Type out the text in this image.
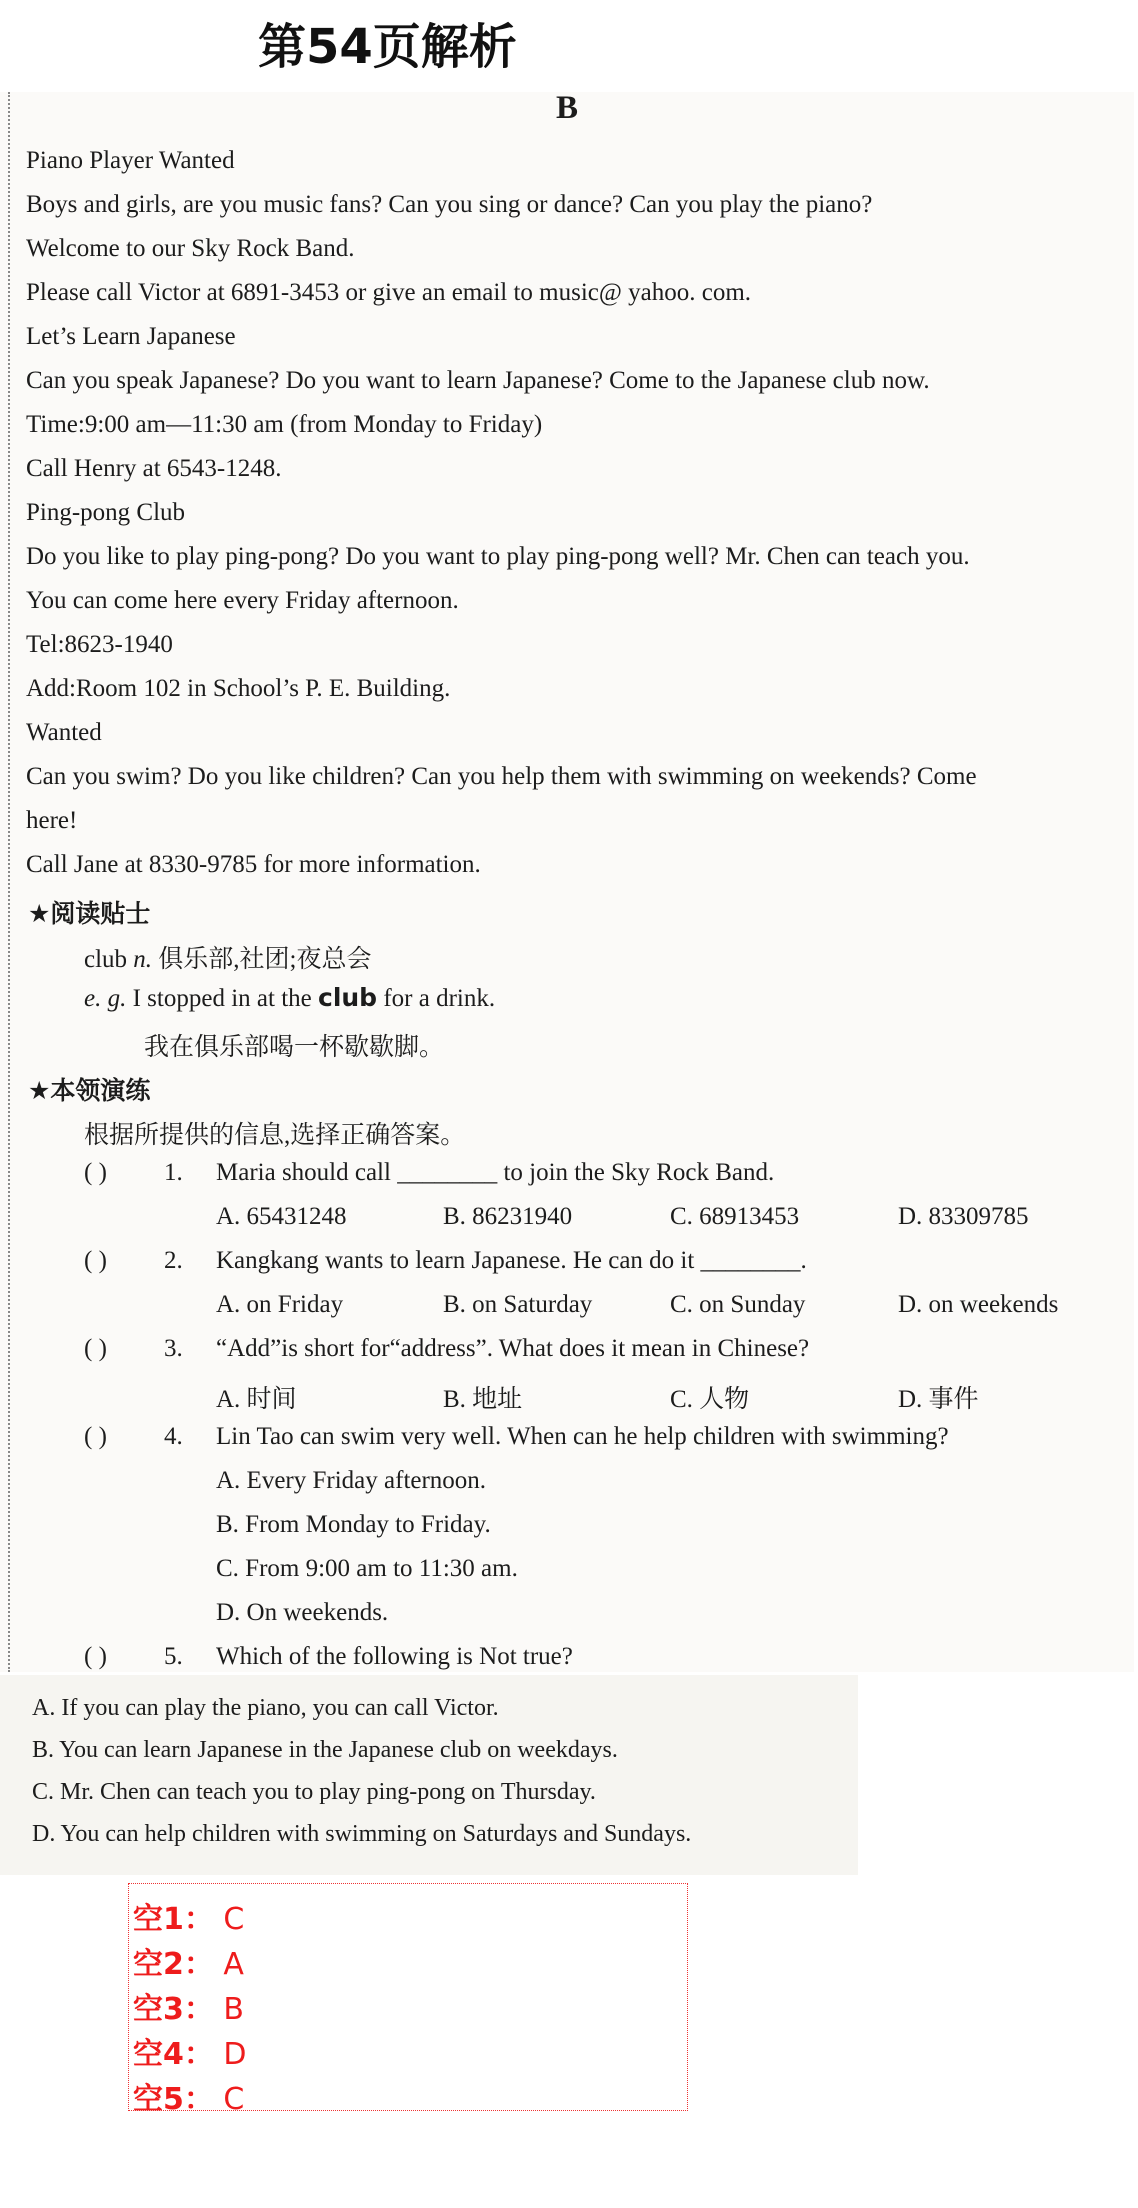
第54页解析
B
Piano Player Wanted
Boys and girls, are you music fans? Can you sing or dance? Can you play the piano?
Welcome to our Sky Rock Band.
Please call Victor at 6891-3453 or give an email to music@ yahoo. com.
Let’s Learn Japanese
Can you speak Japanese? Do you want to learn Japanese? Come to the Japanese club now.
Time:9:00 am—11:30 am (from Monday to Friday)
Call Henry at 6543-1248.
Ping-pong Club
Do you like to play ping-pong? Do you want to play ping-pong well? Mr. Chen can teach you.
You can come here every Friday afternoon.
Tel:8623-1940
Add:Room 102 in School’s P. E. Building.
Wanted
Can you swim? Do you like children? Can you help them with swimming on weekends? Come
here!
Call Jane at 8330-9785 for more information.
★阅读贴士
club n. 俱乐部,社团;夜总会
e. g. I stopped in at the club for a drink.
我在俱乐部喝一杯歇歇脚。
★本领演练
根据所提供的信息,选择正确答案。
( ) 1. Maria should call ________ to join the Sky Rock Band.
A. 65431248	B. 86231940	C. 68913453	D. 83309785
( ) 2. Kangkang wants to learn Japanese. He can do it ________.
A. on Friday	B. on Saturday	C. on Sunday	D. on weekends
( ) 3. “Add”is short for“address”. What does it mean in Chinese?
A. 时间	B. 地址	C. 人物	D. 事件
( ) 4. Lin Tao can swim very well. When can he help children with swimming?
A. Every Friday afternoon.
B. From Monday to Friday.
C. From 9:00 am to 11:30 am.
D. On weekends.
( ) 5. Which of the following is Not true?
A. If you can play the piano, you can call Victor.
B. You can learn Japanese in the Japanese club on weekdays.
C. Mr. Chen can teach you to play ping-pong on Thursday.
D. You can help children with swimming on Saturdays and Sundays.
空1： C
空2： A
空3： B
空4： D
空5： C
